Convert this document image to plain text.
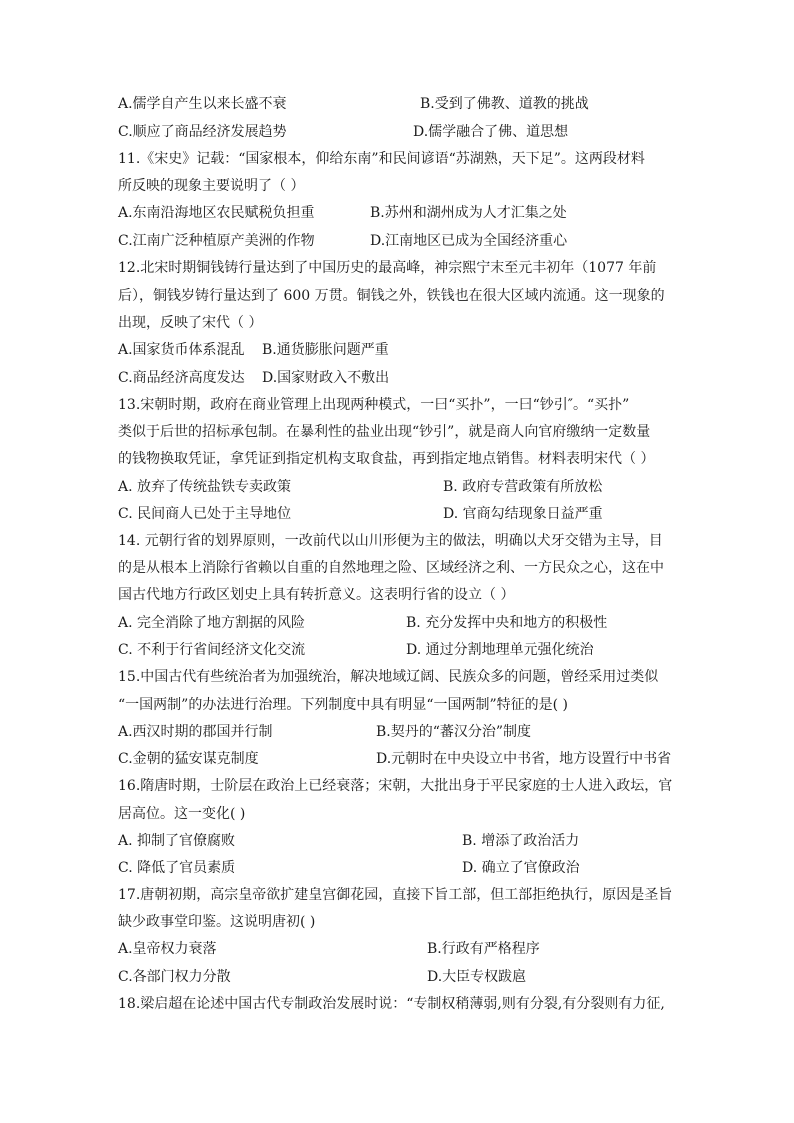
A.儒学自产生以来长盛不衰	B.受到了佛教、道教的挑战
C.顺应了商品经济发展趋势	D.儒学融合了佛、道思想
11.《宋史》记载：“国家根本，仰给东南”和民间谚语“苏湖熟，天下足”。这两段材料
所反映的现象主要说明了（ ）
A.东南沿海地区农民赋税负担重	B.苏州和湖州成为人才汇集之处
C.江南广泛种植原产美洲的作物	D.江南地区已成为全国经济重心
12.北宋时期铜钱铸行量达到了中国历史的最高峰，神宗熙宁末至元丰初年（1077 年前
后），铜钱岁铸行量达到了 600 万贯。铜钱之外，铁钱也在很大区域内流通。这一现象的
出现，反映了宋代（ ）
A.国家货币体系混乱 B.通货膨胀问题严重
C.商品经济高度发达 D.国家财政入不敷出
13.宋朝时期，政府在商业管理上出现两种模式，一曰“买扑”，一曰“钞引″。“买扑”
类似于后世的招标承包制。在暴利性的盐业出现“钞引”，就是商人向官府缴纳一定数量
的钱物换取凭证，拿凭证到指定机构支取食盐，再到指定地点销售。材料表明宋代（ ）
A. 放弃了传统盐铁专卖政策	B. 政府专营政策有所放松
C. 民间商人已处于主导地位	D. 官商勾结现象日益严重
14. 元朝行省的划界原则，一改前代以山川形便为主的做法，明确以犬牙交错为主导，目
的是从根本上消除行省赖以自重的自然地理之险、区域经济之利、一方民众之心，这在中
国古代地方行政区划史上具有转折意义。这表明行省的设立（ ）
A. 完全消除了地方割据的风险	B. 充分发挥中央和地方的积极性
C. 不利于行省间经济文化交流	D. 通过分割地理单元强化统治
15.中国古代有些统治者为加强统治，解决地域辽阔、民族众多的问题，曾经采用过类似
“一国两制”的办法进行治理。下列制度中具有明显“一国两制”特征的是( )
A.西汉时期的郡国并行制	B.契丹的“蕃汉分治”制度
C.金朝的猛安谋克制度	D.元朝时在中央设立中书省，地方设置行中书省
16.隋唐时期，士阶层在政治上已经衰落；宋朝，大批出身于平民家庭的士人进入政坛，官
居高位。这一变化( )
A. 抑制了官僚腐败	B. 增添了政治活力
C. 降低了官员素质	D. 确立了官僚政治
17.唐朝初期，高宗皇帝欲扩建皇宫御花园，直接下旨工部，但工部拒绝执行，原因是圣旨
缺少政事堂印鉴。这说明唐初( )
A.皇帝权力衰落	B.行政有严格程序
C.各部门权力分散	D.大臣专权跋扈
18.梁启超在论述中国古代专制政治发展时说：“专制权稍薄弱,则有分裂,有分裂则有力征,
